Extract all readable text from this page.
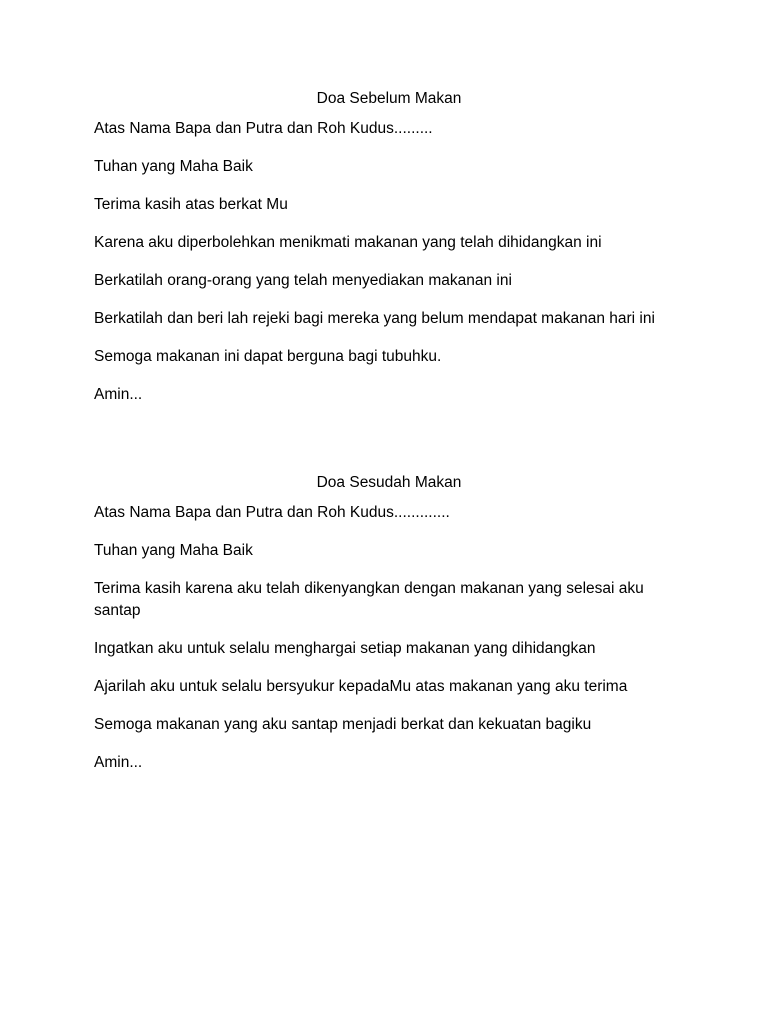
Doa Sebelum Makan

Atas Nama Bapa dan Putra dan Roh Kudus.........

Tuhan yang Maha Baik

Terima kasih atas berkat Mu

Karena aku diperbolehkan menikmati makanan yang telah dihidangkan ini

Berkatilah orang-orang yang telah menyediakan makanan ini

Berkatilah dan beri lah rejeki bagi mereka yang belum mendapat makanan hari ini

Semoga makanan ini dapat berguna bagi tubuhku.

Amin...

Doa Sesudah Makan

Atas Nama Bapa dan Putra dan Roh Kudus.............

Tuhan yang Maha Baik

Terima kasih karena aku telah dikenyangkan dengan makanan yang selesai aku santap

Ingatkan aku untuk selalu menghargai setiap makanan yang dihidangkan

Ajarilah aku untuk selalu bersyukur kepadaMu atas makanan yang aku terima

Semoga makanan yang aku santap menjadi berkat dan kekuatan bagiku

Amin...
